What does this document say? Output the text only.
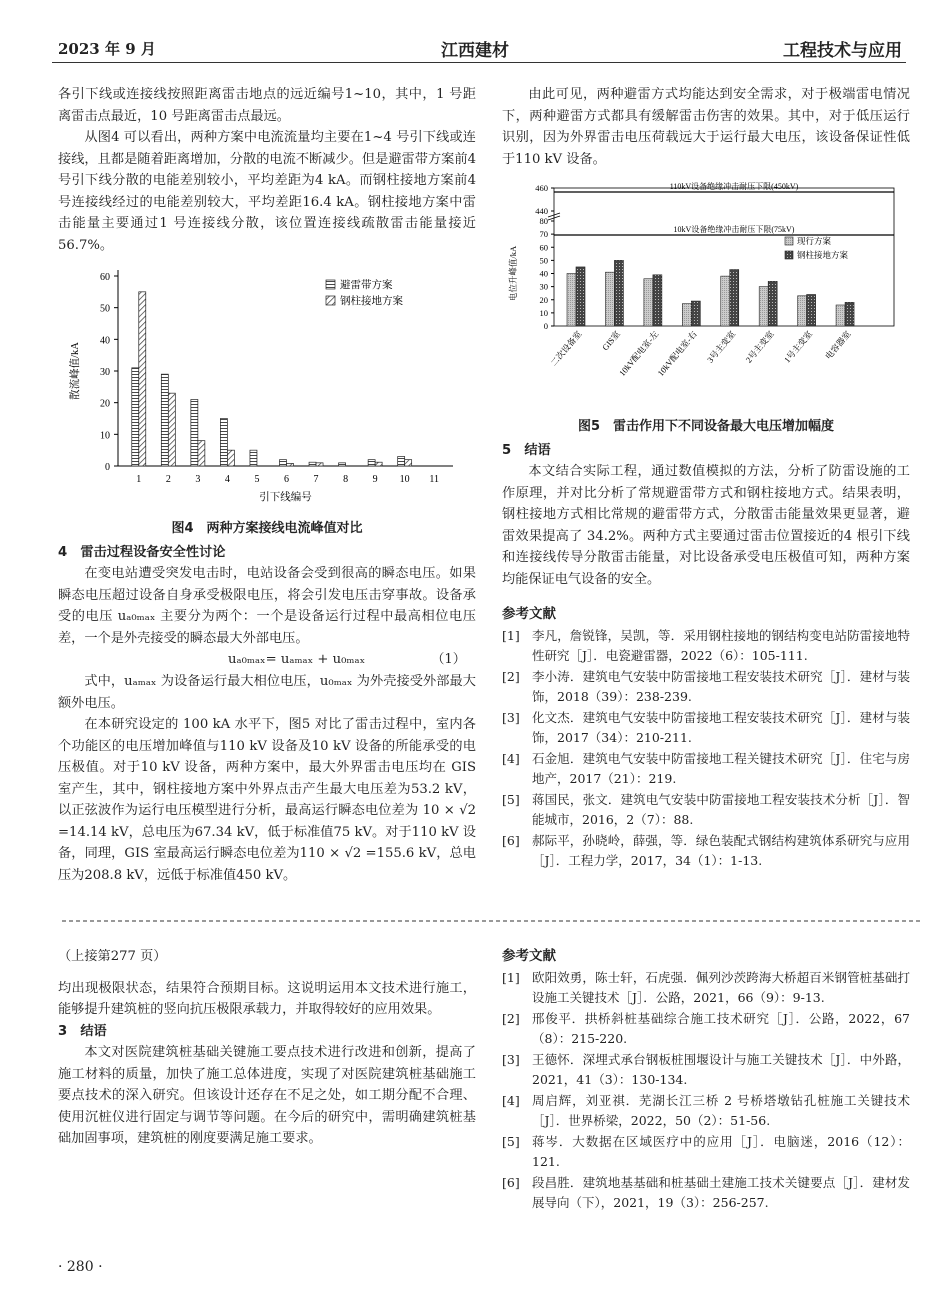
2023 年 9 月	江西建材	工程技术与应用

各引下线或连接线按照距离雷击地点的远近编号1~10，其中，1 号距离雷击点最近，10 号距离雷击点最远。

从图4 可以看出，两种方案中电流流量均主要在1~4 号引下线或连接线，且都是随着距离增加，分散的电流不断减少。但是避雷带方案前4 号引下线分散的电能差别较小，平均差距为4 kA。而钢柱接地方案前4 号连接线经过的电能差别较大，平均差距16.4 kA。钢柱接地方案中雷击能量主要通过1 号连接线分散，该位置连接线疏散雷击能量接近56.7%。

0
10
20
30
40
50
60
1 2 3 4 5 6 7 8 9 10 11
引下线编号
散流峰值/kA
避雷带方案
钢柱接地方案

图4　两种方案接线电流峰值对比

4　雷击过程设备安全性讨论

在变电站遭受突发电击时，电站设备会受到很高的瞬态电压。如果瞬态电压超过设备自身承受极限电压，将会引发电压击穿事故。设备承受的电压 uₐ₀ₘₐₓ 主要分为两个：一个是设备运行过程中最高相位电压差，一个是外壳接受的瞬态最大外部电压。

uₐ₀ₘₐₓ= uₐₘₐₓ + u₀ₘₐₓ	（1）

式中，uₐₘₐₓ 为设备运行最大相位电压，u₀ₘₐₓ 为外壳接受外部最大额外电压。

在本研究设定的 100 kA 水平下，图5 对比了雷击过程中，室内各个功能区的电压增加峰值与110 kV 设备及10 kV 设备的所能承受的电压极值。对于10 kV 设备，两种方案中，最大外界雷击电压均在 GIS 室产生，其中，钢柱接地方案中外界点击产生最大电压差为53.2 kV，以正弦波作为运行电压模型进行分析，最高运行瞬态电位差为 10 × √2 =14.14 kV，总电压为67.34 kV，低于标准值75 kV。对于110 kV 设备，同理，GIS 室最高运行瞬态电位差为110 × √2 =155.6 kV，总电压为208.8 kV，远低于标准值450 kV。

由此可见，两种避雷方式均能达到安全需求，对于极端雷电情况下，两种避雷方式都具有缓解雷击伤害的效果。其中，对于低压运行识别，因为外界雷击电压荷载远大于运行最大电压，该设备保证性低于110 kV 设备。

0
10
20
30
40
50
60
70
80
440
460	110kV设备绝缘冲击耐压下限(450kV)
10kV设备绝缘冲击耐压下限(75kV)
二次设备室 GIS室
10kV配电室-左
10kV配电室-右 3号主变室 2号主变室 1号主变室 电容器室
电位升峰值/kA
现行方案
钢柱接地方案

图5　雷击作用下不同设备最大电压增加幅度

5　结语

本文结合实际工程，通过数值模拟的方法，分析了防雷设施的工作原理，并对比分析了常规避雷带方式和钢柱接地方式。结果表明，钢柱接地方式相比常规的避雷带方式，分散雷击能量效果更显著，避雷效果提高了 34.2%。两种方式主要通过雷击位置接近的4 根引下线和连接线传导分散雷击能量，对比设备承受电压极值可知，两种方案均能保证电气设备的安全。

参考文献

[1] 李凡，詹锐锋，吴凯，等．采用钢柱接地的钢结构变电站防雷接地特性研究［J］．电瓷避雷器，2022（6）：105-111.
[2] 李小涛．建筑电气安装中防雷接地工程安装技术研究［J］．建材与装饰，2018（39）：238-239.
[3] 化文杰．建筑电气安装中防雷接地工程安装技术研究［J］．建材与装饰，2017（34）：210-211.
[4] 石金旭．建筑电气安装中防雷接地工程关键技术研究［J］．住宅与房地产，2017（21）：219.
[5] 蒋国民，张文．建筑电气安装中防雷接地工程安装技术分析［J］．智能城市，2016，2（7）：88.
[6] 郝际平，孙晓岭，薛强，等．绿色装配式钢结构建筑体系研究与应用［J］．工程力学，2017，34（1）：1-13.

（上接第277 页）

均出现极限状态，结果符合预期目标。这说明运用本文技术进行施工，能够提升建筑桩的竖向抗压极限承载力，并取得较好的应用效果。

3　结语

本文对医院建筑桩基础关键施工要点技术进行改进和创新，提高了施工材料的质量，加快了施工总体进度，实现了对医院建筑桩基础施工要点技术的深入研究。但该设计还存在不足之处，如工期分配不合理、使用沉桩仪进行固定与调节等问题。在今后的研究中，需明确建筑桩基础加固事项，建筑桩的刚度要满足施工要求。

参考文献

[1] 欧阳效勇，陈士轩，石虎强．佩列沙茨跨海大桥超百米钢管桩基础打设施工关键技术［J］．公路，2021，66（9）：9-13.
[2] 邢俊平．拱桥斜桩基础综合施工技术研究［J］．公路，2022，67（8）：215-220.
[3] 王德怀．深埋式承台钢板桩围堰设计与施工关键技术［J］．中外路，2021，41（3）：130-134.
[4] 周启辉，刘亚祺．芜湖长江三桥 2 号桥塔墩钻孔桩施工关键技术［J］．世界桥梁，2022，50（2）：51-56.
[5] 蒋岑．大数据在区域医疗中的应用［J］．电脑迷，2016（12）：121.
[6] 段昌胜．建筑地基基础和桩基础土建施工技术关键要点［J］．建材发展导向（下），2021，19（3）：256-257.
· 280 ·
